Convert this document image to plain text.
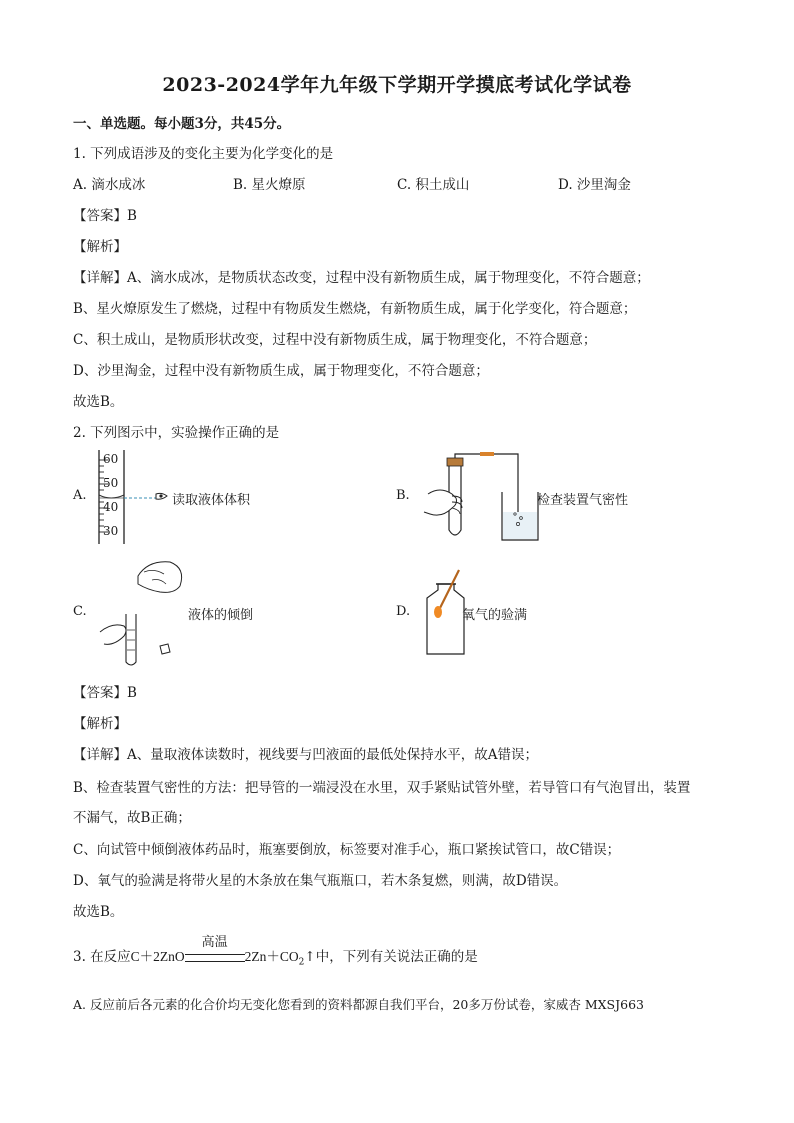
2023-2024学年九年级下学期开学摸底考试化学试卷
一、单选题。每小题3分，共45分。
1. 下列成语涉及的变化主要为化学变化的是
A. 滴水成冰	B. 星火燎原	C. 积土成山	D. 沙里淘金
【答案】B
【解析】
【详解】A、滴水成冰，是物质状态改变，过程中没有新物质生成，属于物理变化，不符合题意；
B、星火燎原发生了燃烧，过程中有物质发生燃烧，有新物质生成，属于化学变化，符合题意；
C、积土成山，是物质形状改变，过程中没有新物质生成，属于物理变化，不符合题意；
D、沙里淘金，过程中没有新物质生成，属于物理变化，不符合题意；
故选B。
2. 下列图示中，实验操作正确的是
A.
60
50
40
30
读取液体体积	B.	检查装置气密性
C.	液体的倾倒	D.	氧气的验满
【答案】B
【解析】
【详解】A、量取液体读数时，视线要与凹液面的最低处保持水平，故A错误；
B、检查装置气密性的方法：把导管的一端浸没在水里，双手紧贴试管外壁，若导管口有气泡冒出，装置
不漏气，故B正确；
C、向试管中倾倒液体药品时，瓶塞要倒放，标签要对准手心，瓶口紧挨试管口，故C错误；
D、氧气的验满是将带火星的木条放在集气瓶瓶口，若木条复燃，则满，故D错误。
故选B。
3. 在反应C＋2ZnO
高温
$2Zn+CO_2↑$中，下列有关说法正确的是
A. 反应前后各元素的化合价均无变化您看到的资料都源自我们平台，20多万份试卷，家威杏 MXSJ663
